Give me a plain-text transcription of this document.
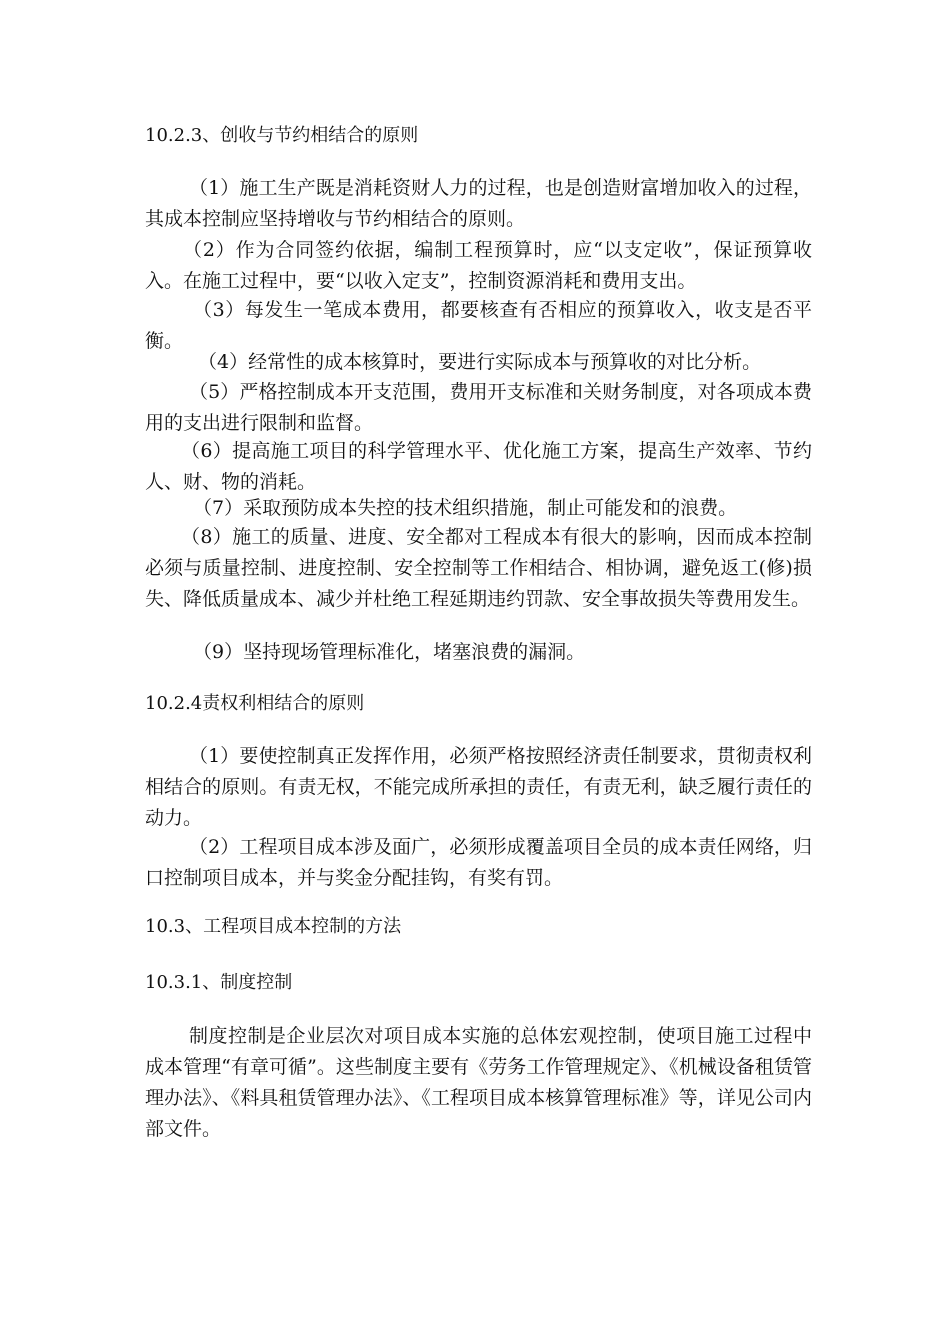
10.2.3、创收与节约相结合的原则

（1）施工生产既是消耗资财人力的过程，也是创造财富增加收入的过程，其成本控制应坚持增收与节约相结合的原则。

（2）作为合同签约依据，编制工程预算时，应“以支定收”，保证预算收入。在施工过程中，要“以收入定支”，控制资源消耗和费用支出。

（3）每发生一笔成本费用，都要核查有否相应的预算收入，收支是否平衡。

（4）经常性的成本核算时，要进行实际成本与预算收的对比分析。

（5）严格控制成本开支范围，费用开支标准和关财务制度，对各项成本费用的支出进行限制和监督。

（6）提高施工项目的科学管理水平、优化施工方案，提高生产效率、节约人、财、物的消耗。

（7）采取预防成本失控的技术组织措施，制止可能发和的浪费。

（8）施工的质量、进度、安全都对工程成本有很大的影响，因而成本控制必须与质量控制、进度控制、安全控制等工作相结合、相协调，避免返工(修)损失、降低质量成本、减少并杜绝工程延期违约罚款、安全事故损失等费用发生。

（9）坚持现场管理标准化，堵塞浪费的漏洞。

10.2.4责权利相结合的原则

（1）要使控制真正发挥作用，必须严格按照经济责任制要求，贯彻责权利相结合的原则。有责无权，不能完成所承担的责任，有责无利，缺乏履行责任的动力。

（2）工程项目成本涉及面广，必须形成覆盖项目全员的成本责任网络，归口控制项目成本，并与奖金分配挂钩，有奖有罚。

10.3、工程项目成本控制的方法
10.3.1、制度控制

制度控制是企业层次对项目成本实施的总体宏观控制，使项目施工过程中成本管理“有章可循”。这些制度主要有《劳务工作管理规定》、《机械设备租赁管理办法》、《料具租赁管理办法》、《工程项目成本核算管理标准》等，详见公司内部文件。
